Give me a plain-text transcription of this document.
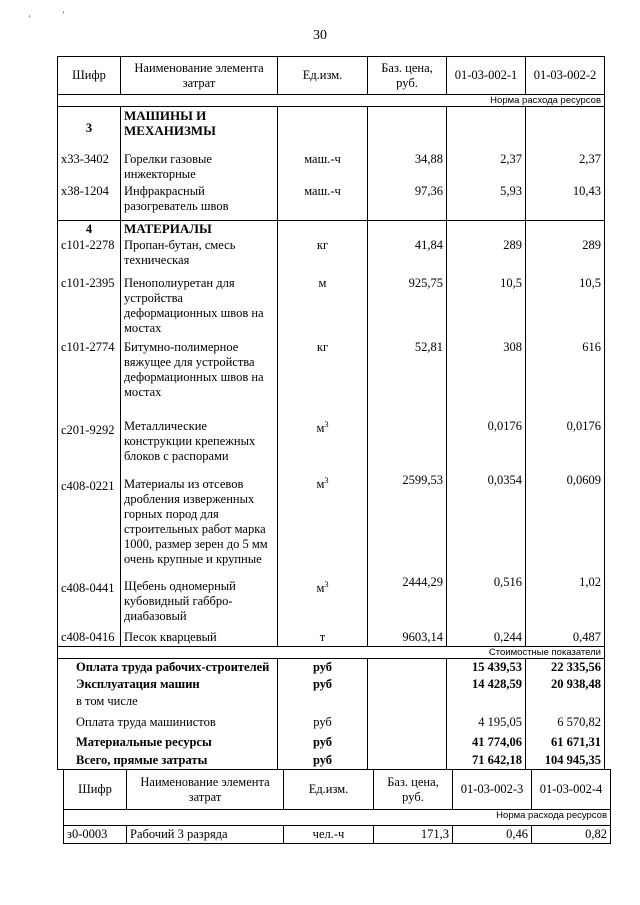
'	'
30
Шифр	Наименование элемента затрат	Ед.изм.	Баз. цена, руб.	01-03-002-1	01-03-002-2
Норма расхода ресурсов					
3	МАШИНЫ И МЕХАНИЗМЫ				
х33-3402	Горелки газовые инжекторные	маш.-ч	34,88	2,37	2,37
х38-1204	Инфракрасный разогреватель швов	маш.-ч	97,36	5,93	10,43
4	МАТЕРИАЛЫ				
с101-2278	Пропан-бутан, смесь техническая	кг	41,84	289	289
с101-2395	Пенополиуретан для устройства деформационных швов на мостах	м	925,75	10,5	10,5
с101-2774	Битумно-полимерное вяжущее для устройства деформационных швов на мостах	кг	52,81	308	616
с201-9292	Металлические конструкции крепежных блоков с распорами	$м^3$		0,0176	0,0176
с408-0221	Материалы из отсевов дробления изверженных горных пород для строительных работ марка 1000, размер зерен до 5 мм очень крупные и крупные	$м^3$	2599,53	0,0354	0,0609
с408-0441	Щебень одномерный кубовидный габбро-диабазовый	$м^3$	2444,29	0,516	1,02
с408-0416	Песок кварцевый	т	9603,14	0,244	0,487
Стоимостные показатели					
Оплата труда рабочих-строителей		руб		15 439,53	22 335,56
Эксплуатация машин		руб		14 428,59	20 938,48
в том числе					
Оплата труда машинистов		руб		4 195,05	6 570,82
Материальные ресурсы		руб		41 774,06	61 671,31
Всего, прямые затраты		руб		71 642,18	104 945,35
Шифр	Наименование элемента затрат	Ед.изм.	Баз. цена, руб.	01-03-002-3	01-03-002-4
Норма расхода ресурсов					
з0-0003	Рабочий 3 разряда	чел.-ч	171,3	0,46	0,82
